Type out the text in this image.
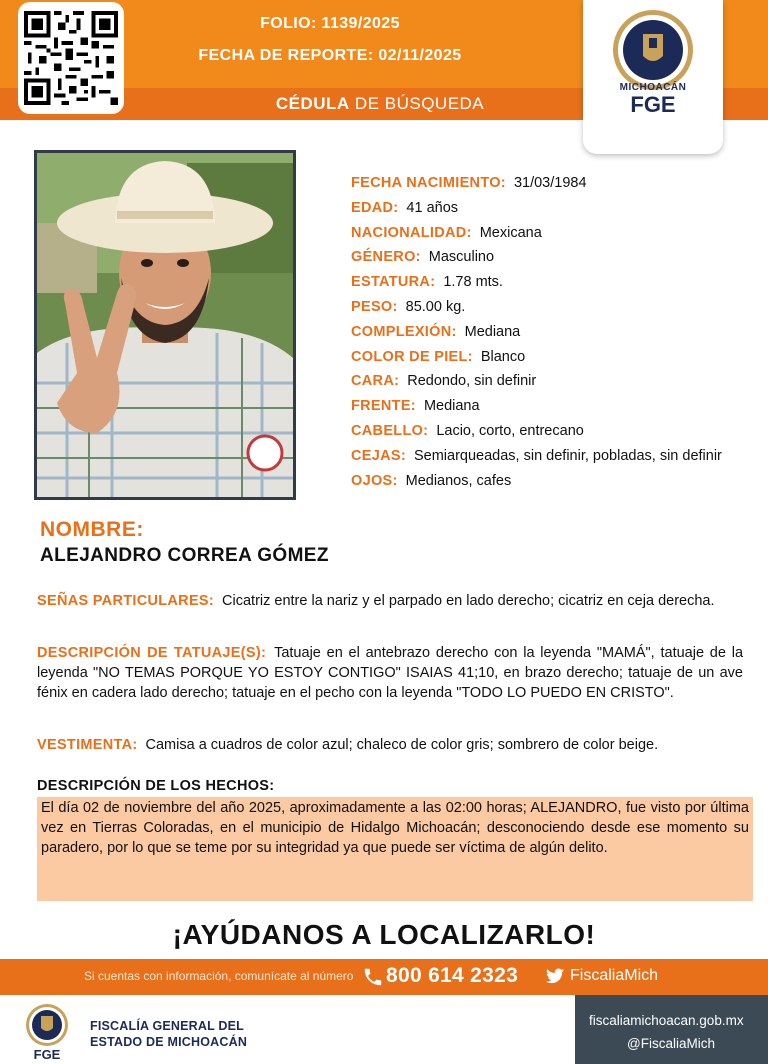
FOLIO: 1139/2025
FECHA DE REPORTE: 02/11/2025
CÉDULA DE BÚSQUEDA
MICHOACÁN
FGE
FECHA NACIMIENTO: 31/03/1984
EDAD: 41 años
NACIONALIDAD: Mexicana
GÉNERO: Masculino
ESTATURA: 1.78 mts.
PESO: 85.00 kg.
COMPLEXIÓN: Mediana
COLOR DE PIEL: Blanco
CARA: Redondo, sin definir
FRENTE: Mediana
CABELLO: Lacio, corto, entrecano
CEJAS: Semiarqueadas, sin definir, pobladas, sin definir
OJOS: Medianos, cafes
NOMBRE:
ALEJANDRO CORREA GÓMEZ
SEÑAS PARTICULARES: Cicatriz entre la nariz y el parpado en lado derecho; cicatriz en ceja derecha.
DESCRIPCIÓN DE TATUAJE(S): Tatuaje en el antebrazo derecho con la leyenda "MAMÁ", tatuaje de la leyenda "NO TEMAS PORQUE YO ESTOY CONTIGO" ISAIAS 41;10, en brazo derecho; tatuaje de un ave fénix en cadera lado derecho; tatuaje en el pecho con la leyenda "TODO LO PUEDO EN CRISTO".
VESTIMENTA: Camisa a cuadros de color azul; chaleco de color gris; sombrero de color beige.
DESCRIPCIÓN DE LOS HECHOS:
El día 02 de noviembre del año 2025, aproximadamente a las 02:00 horas; ALEJANDRO, fue visto por última vez en Tierras Coloradas, en el municipio de Hidalgo Michoacán; desconociendo desde ese momento su paradero, por lo que se teme por su integridad ya que puede ser víctima de algún delito.
¡AYÚDANOS A LOCALIZARLO!
Si cuentas con información, comunícate al número 800 614 2323	FiscaliaMich
FGE
FISCALÍA GENERAL DEL
ESTADO DE MICHOACÁN
fiscaliamichoacan.gob.mx
@FiscaliaMich
